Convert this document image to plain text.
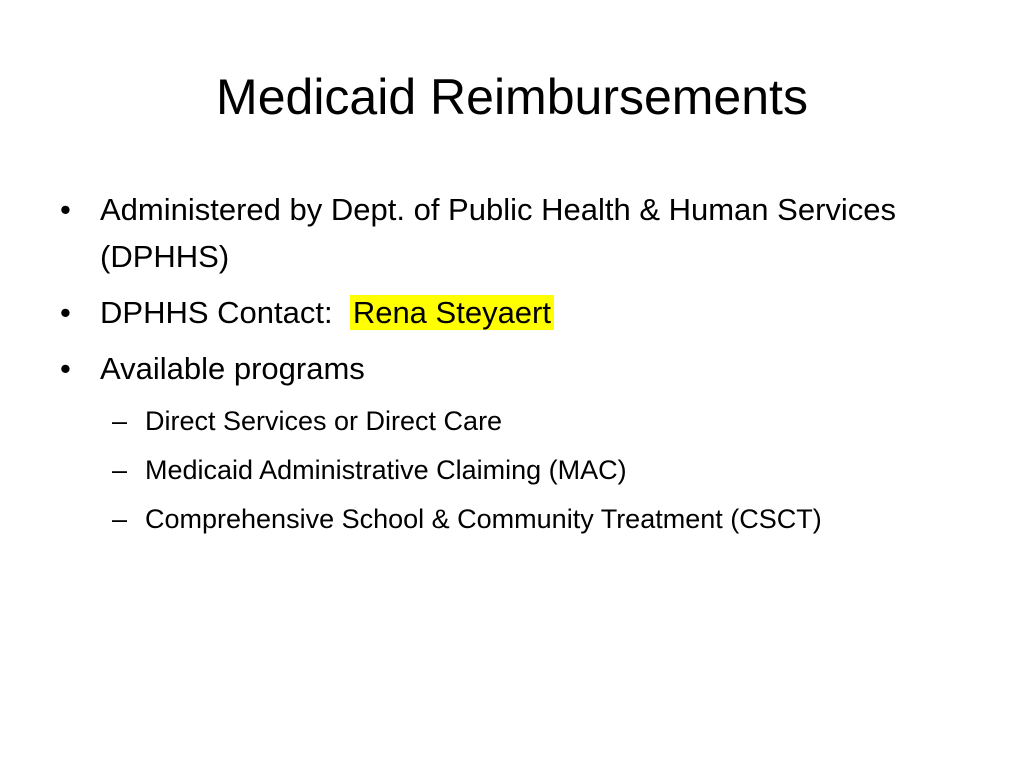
Medicaid Reimbursements
• Administered by Dept. of Public Health & Human Services (DPHHS)
• DPHHS Contact:  Rena Steyaert
• Available programs
– Direct Services or Direct Care
– Medicaid Administrative Claiming (MAC)
– Comprehensive School & Community Treatment (CSCT)
